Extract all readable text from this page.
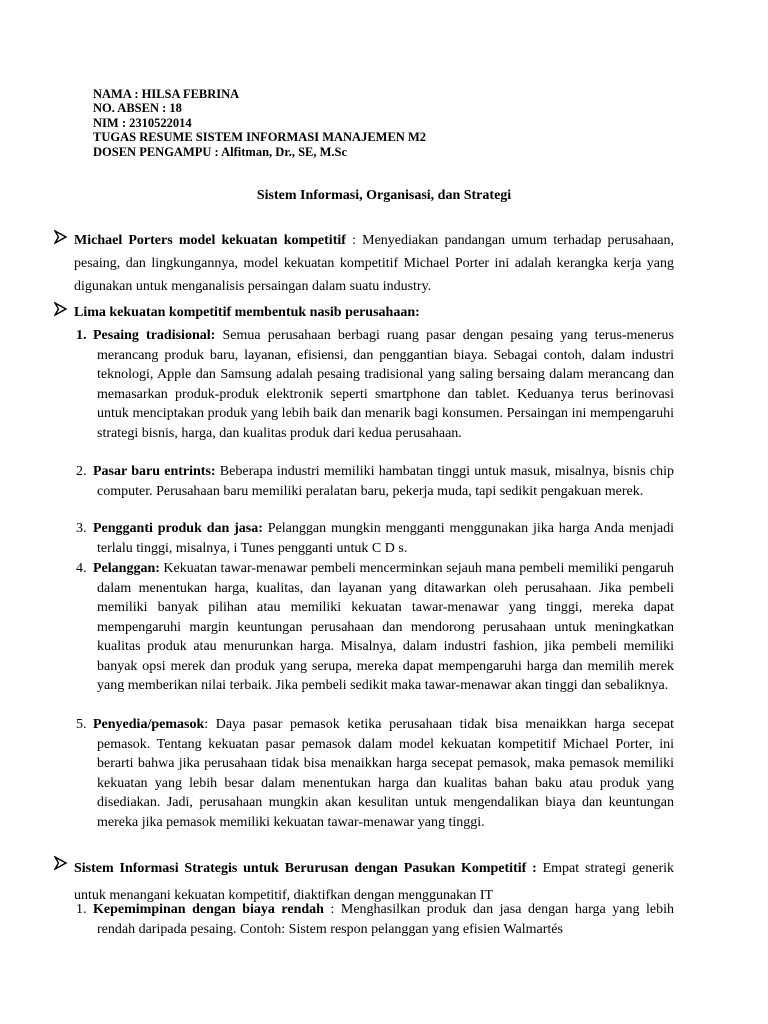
NAMA : HILSA FEBRINA
NO. ABSEN : 18
NIM : 2310522014
TUGAS RESUME SISTEM INFORMASI MANAJEMEN M2
DOSEN PENGAMPU : Alfitman, Dr., SE, M.Sc
Sistem Informasi, Organisasi, dan Strategi
Michael Porters model kekuatan kompetitif : Menyediakan pandangan umum terhadap perusahaan, pesaing, dan lingkungannya, model kekuatan kompetitif Michael Porter ini adalah kerangka kerja yang digunakan untuk menganalisis persaingan dalam suatu industry.
Lima kekuatan kompetitif membentuk nasib perusahaan:
1. Pesaing tradisional: Semua perusahaan berbagi ruang pasar dengan pesaing yang terus-menerus merancang produk baru, layanan, efisiensi, dan penggantian biaya. Sebagai contoh, dalam industri teknologi, Apple dan Samsung adalah pesaing tradisional yang saling bersaing dalam merancang dan memasarkan produk-produk elektronik seperti smartphone dan tablet. Keduanya terus berinovasi untuk menciptakan produk yang lebih baik dan menarik bagi konsumen. Persaingan ini mempengaruhi strategi bisnis, harga, dan kualitas produk dari kedua perusahaan.
2. Pasar baru entrints: Beberapa industri memiliki hambatan tinggi untuk masuk, misalnya, bisnis chip computer. Perusahaan baru memiliki peralatan baru, pekerja muda, tapi sedikit pengakuan merek.
3. Pengganti produk dan jasa: Pelanggan mungkin mengganti menggunakan jika harga Anda menjadi terlalu tinggi, misalnya, i Tunes pengganti untuk C D s.
4. Pelanggan: Kekuatan tawar-menawar pembeli mencerminkan sejauh mana pembeli memiliki pengaruh dalam menentukan harga, kualitas, dan layanan yang ditawarkan oleh perusahaan. Jika pembeli memiliki banyak pilihan atau memiliki kekuatan tawar-menawar yang tinggi, mereka dapat mempengaruhi margin keuntungan perusahaan dan mendorong perusahaan untuk meningkatkan kualitas produk atau menurunkan harga. Misalnya, dalam industri fashion, jika pembeli memiliki banyak opsi merek dan produk yang serupa, mereka dapat mempengaruhi harga dan memilih merek yang memberikan nilai terbaik. Jika pembeli sedikit maka tawar-menawar akan tinggi dan sebaliknya.
5. Penyedia/pemasok: Daya pasar pemasok ketika perusahaan tidak bisa menaikkan harga secepat pemasok. Tentang kekuatan pasar pemasok dalam model kekuatan kompetitif Michael Porter, ini berarti bahwa jika perusahaan tidak bisa menaikkan harga secepat pemasok, maka pemasok memiliki kekuatan yang lebih besar dalam menentukan harga dan kualitas bahan baku atau produk yang disediakan. Jadi, perusahaan mungkin akan kesulitan untuk mengendalikan biaya dan keuntungan mereka jika pemasok memiliki kekuatan tawar-menawar yang tinggi.
Sistem Informasi Strategis untuk Berurusan dengan Pasukan Kompetitif : Empat strategi generik untuk menangani kekuatan kompetitif, diaktifkan dengan menggunakan IT
1. Kepemimpinan dengan biaya rendah : Menghasilkan produk dan jasa dengan harga yang lebih rendah daripada pesaing. Contoh: Sistem respon pelanggan yang efisien Walmartés
